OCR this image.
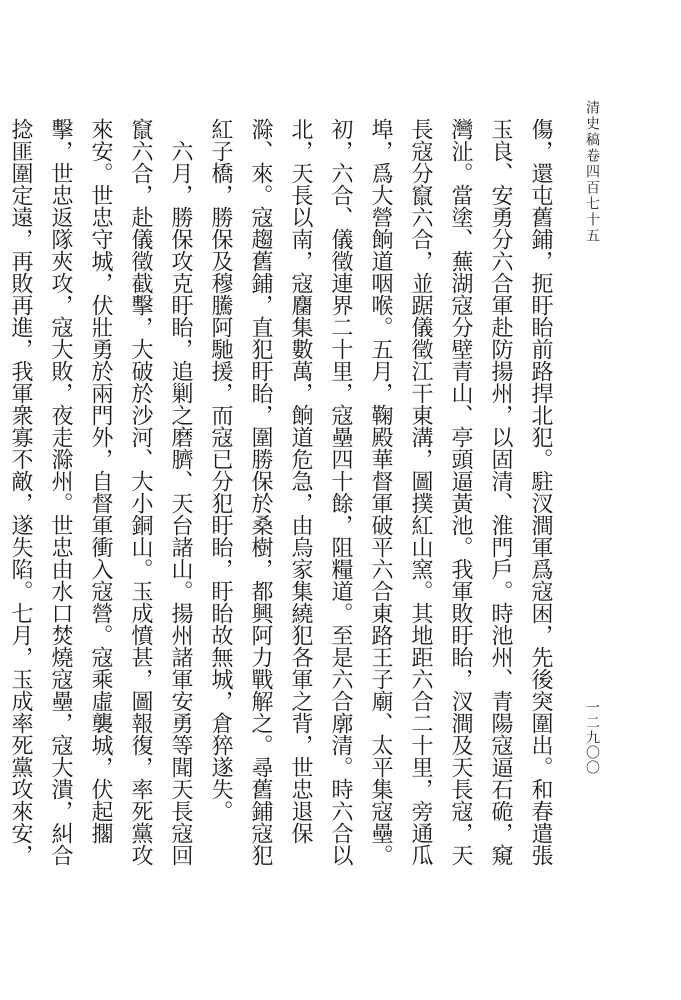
清史稿卷四百七十五
一二九〇〇

傷，還屯舊鋪，扼盱眙前路捍北犯。駐汊澗軍爲寇困，先後突圍出。和春遣張玉良、安勇分六合軍赴防揚州，以固清、淮門戶。時池州、青陽寇逼石硊，窺灣沚。當塗、蕪湖寇分壁青山、亭頭逼黃池。我軍敗盱眙，汊澗及天長寇，天長寇分竄六合，並踞儀徵江干東溝，圖撲紅山窯。其地距六合二十里，旁通瓜埠，爲大營餉道咽喉。五月，鞠殿華督軍破平六合東路王子廟、太平集寇壘。初，六合、儀徵連界二十里，寇壘四十餘，阻糧道。至是六合廓清。時六合以北，天長以南，寇麕集數萬，餉道危急，由烏家集繞犯各軍之背，世忠退保滁、來。寇趨舊鋪，直犯盱眙，圍勝保於桑樹，都興阿力戰解之。尋舊鋪寇犯紅子橋，勝保及穆騰阿馳援，而寇已分犯盱眙，盱眙故無城，倉猝遂失。

六月，勝保攻克盱眙，追剿之磨臍、天台諸山。揚州諸軍安勇等聞天長寇回竄六合，赴儀徵截擊，大破於沙河、大小銅山。玉成憤甚，圖報復，率死黨攻來安。世忠守城，伏壯勇於兩門外，自督軍衝入寇營。寇乘虛襲城，伏起擱擊，世忠返隊夾攻，寇大敗，夜走滁州。世忠由水口焚燒寇壘，寇大潰，糾合捻匪圍定遠，再敗再進，我軍衆寡不敵，遂失陷。七月，玉成率死黨攻來安，
